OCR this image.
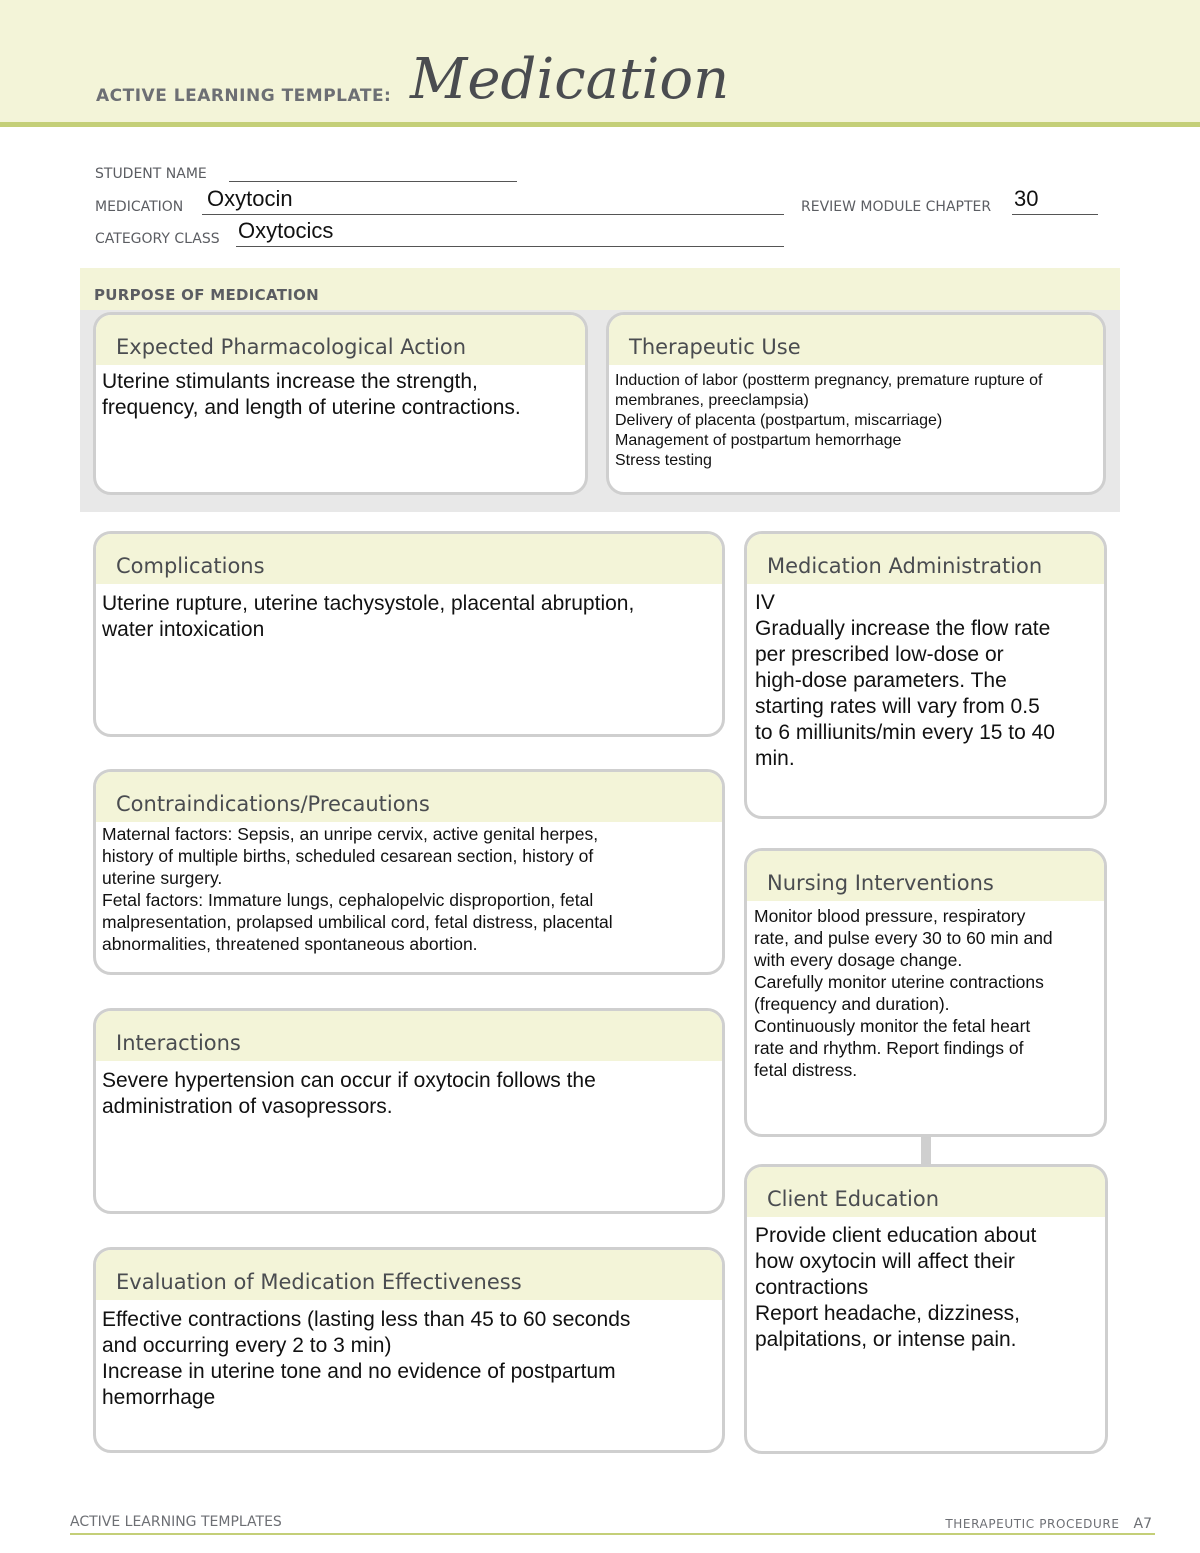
ACTIVE LEARNING TEMPLATE: Medication
STUDENT NAME
MEDICATION Oxytocin	REVIEW MODULE CHAPTER 30
CATEGORY CLASS Oxytocics
PURPOSE OF MEDICATION
Expected Pharmacological Action
Uterine stimulants increase the strength,
frequency, and length of uterine contractions.
Therapeutic Use
Induction of labor (postterm pregnancy, premature rupture of membranes, preeclampsia)
Delivery of placenta (postpartum, miscarriage)
Management of postpartum hemorrhage
Stress testing
Complications
Uterine rupture, uterine tachysystole, placental abruption,
water intoxication
Contraindications/Precautions
Maternal factors: Sepsis, an unripe cervix, active genital herpes,
history of multiple births, scheduled cesarean section, history of
uterine surgery.
Fetal factors: Immature lungs, cephalopelvic disproportion, fetal
malpresentation, prolapsed umbilical cord, fetal distress, placental
abnormalities, threatened spontaneous abortion.
Interactions
Severe hypertension can occur if oxytocin follows the
administration of vasopressors.
Evaluation of Medication Effectiveness
Effective contractions (lasting less than 45 to 60 seconds
and occurring every 2 to 3 min)
Increase in uterine tone and no evidence of postpartum
hemorrhage
Medication Administration
IV
Gradually increase the flow rate
per prescribed low-dose or
high-dose parameters. The
starting rates will vary from 0.5
to 6 milliunits/min every 15 to 40
min.
Nursing Interventions
Monitor blood pressure, respiratory
rate, and pulse every 30 to 60 min and
with every dosage change.
Carefully monitor uterine contractions
(frequency and duration).
Continuously monitor the fetal heart
rate and rhythm. Report findings of
fetal distress.
Client Education
Provide client education about
how oxytocin will affect their
contractions
Report headache, dizziness,
palpitations, or intense pain.
ACTIVE LEARNING TEMPLATES	THERAPEUTIC PROCEDURE A7
